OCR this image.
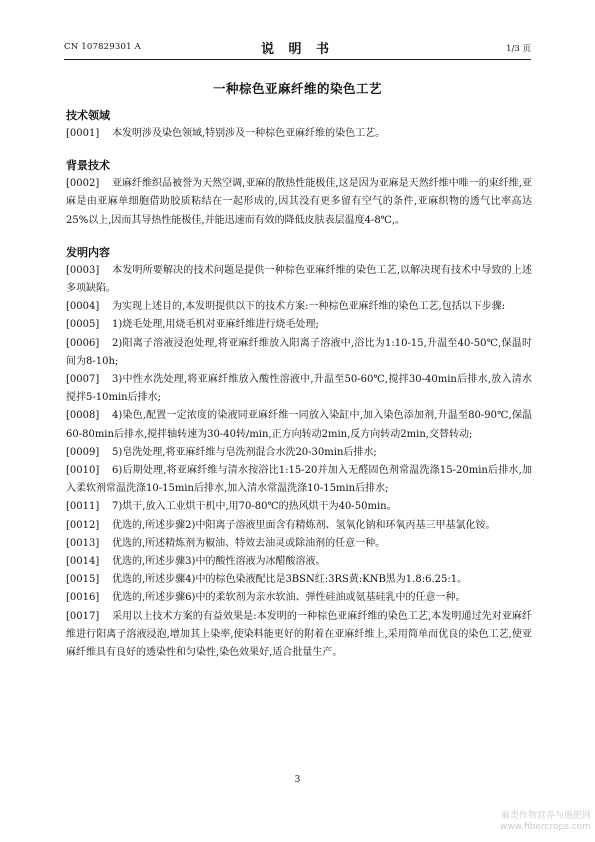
CN 107829301 A	说 明 书	1/3 页
一种棕色亚麻纤维的染色工艺
技术领域

[0001] 本发明涉及染色领域,特别涉及一种棕色亚麻纤维的染色工艺。

背景技术

[0002] 亚麻纤维织品被誉为天然空调,亚麻的散热性能极佳,这是因为亚麻是天然纤维中唯一的束纤维,亚麻是由亚麻单细胞借助胶质粘结在一起形成的,因其没有更多留有空气的条件,亚麻织物的透气比率高达25%以上,因而其导热性能极佳,并能迅速而有效的降低皮肤表层温度4-8℃,。

发明内容

[0003] 本发明所要解决的技术问题是提供一种棕色亚麻纤维的染色工艺,以解决现有技术中导致的上述多项缺陷。

[0004] 为实现上述目的,本发明提供以下的技术方案:一种棕色亚麻纤维的染色工艺,包括以下步骤:

[0005] 1)烧毛处理,用烧毛机对亚麻纤维进行烧毛处理;

[0006] 2)阳离子溶液浸泡处理,将亚麻纤维放入阳离子溶液中,浴比为1:10-15,升温至40-50℃,保温时间为8-10h;

[0007] 3)中性水洗处理,将亚麻纤维放入酸性溶液中,升温至50-60℃,搅拌30-40min后排水,放入清水搅拌5-10min后排水;

[0008] 4)染色,配置一定浓度的染液同亚麻纤维一同放入染缸中,加入染色添加剂,升温至80-90℃,保温60-80min后排水,搅拌轴转速为30-40转/min,正方向转动2min,反方向转动2min,交替转动;

[0009] 5)皂洗处理,将亚麻纤维与皂洗剂混合水洗20-30min后排水;

[0010] 6)后期处理,将亚麻纤维与清水按浴比1:15-20并加入无醛固色剂常温洗涤15-20min后排水,加入柔软剂常温洗涤10-15min后排水,加入清水常温洗涤10-15min后排水;

[0011] 7)烘干,放入工业烘干机中,用70-80℃的热风烘干为40-50min。

[0012] 优选的,所述步骤2)中阳离子溶液里面含有精炼剂、氢氧化钠和环氧丙基三甲基氯化铵。

[0013] 优选的,所述精炼剂为椒油、特效去油灵或除油剂的任意一种。

[0014] 优选的,所述步骤3)中的酸性溶液为冰醋酸溶液。

[0015] 优选的,所述步骤4)中的棕色染液配比是3BSN红:3RS黄:KNB黑为1.8:6.25:1。

[0016] 优选的,所述步骤6)中的柔软剂为亲水软油、弹性硅油或氨基硅乳中的任意一种。

[0017] 采用以上技术方案的有益效果是:本发明的一种棕色亚麻纤维的染色工艺,本发明通过先对亚麻纤维进行阳离子溶液浸泡,增加其上染率,使染料能更好的附着在亚麻纤维上,采用简单而优良的染色工艺,使亚麻纤维具有良好的透染性和匀染性,染色效果好,适合批量生产。

3
麻类作物营养与施肥网
www.fibercrops.com
